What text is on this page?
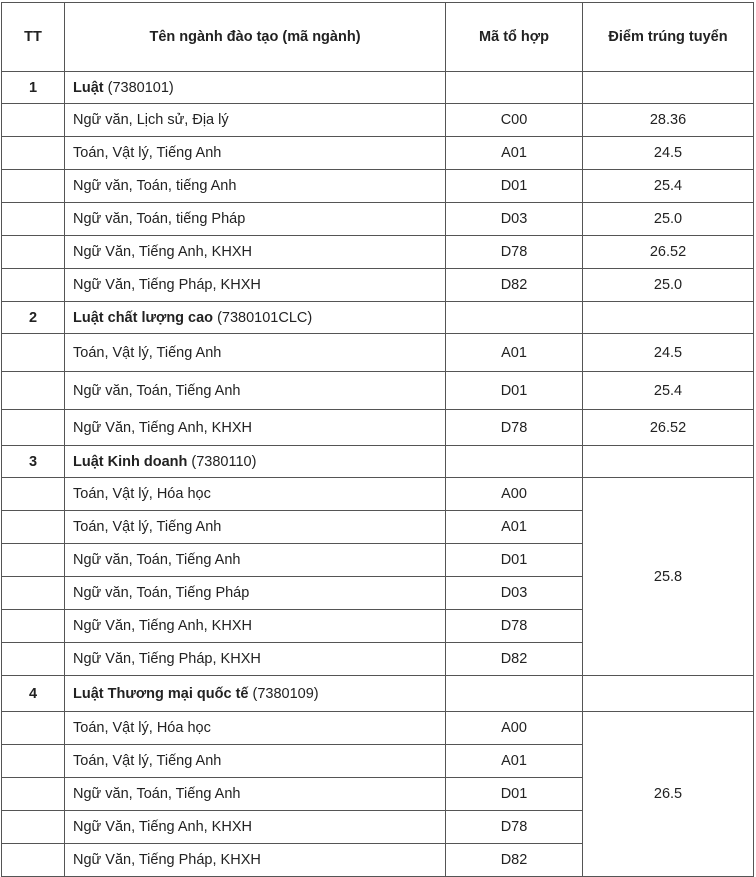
TT	Tên ngành đào tạo (mã ngành)	Mã tổ hợp	Điểm trúng tuyển
1	Luật (7380101)		
	Ngữ văn, Lịch sử, Địa lý	C00	28.36
	Toán, Vật lý, Tiếng Anh	A01	24.5
	Ngữ văn, Toán, tiếng Anh	D01	25.4
	Ngữ văn, Toán, tiếng Pháp	D03	25.0
	Ngữ Văn, Tiếng Anh, KHXH	D78	26.52
	Ngữ Văn, Tiếng Pháp, KHXH	D82	25.0
2	Luật chất lượng cao (7380101CLC)		
	Toán, Vật lý, Tiếng Anh	A01	24.5
	Ngữ văn, Toán, Tiếng Anh	D01	25.4
	Ngữ Văn, Tiếng Anh, KHXH	D78	26.52
3	Luật Kinh doanh (7380110)		
	Toán, Vật lý, Hóa học	A00	25.8
	Toán, Vật lý, Tiếng Anh	A01	
	Ngữ văn, Toán, Tiếng Anh	D01	
	Ngữ văn, Toán, Tiếng Pháp	D03	
	Ngữ Văn, Tiếng Anh, KHXH	D78	
	Ngữ Văn, Tiếng Pháp, KHXH	D82	
4	Luật Thương mại quốc tế (7380109)		
	Toán, Vật lý, Hóa học	A00	26.5
	Toán, Vật lý, Tiếng Anh	A01	
	Ngữ văn, Toán, Tiếng Anh	D01	
	Ngữ Văn, Tiếng Anh, KHXH	D78	
	Ngữ Văn, Tiếng Pháp, KHXH	D82	
